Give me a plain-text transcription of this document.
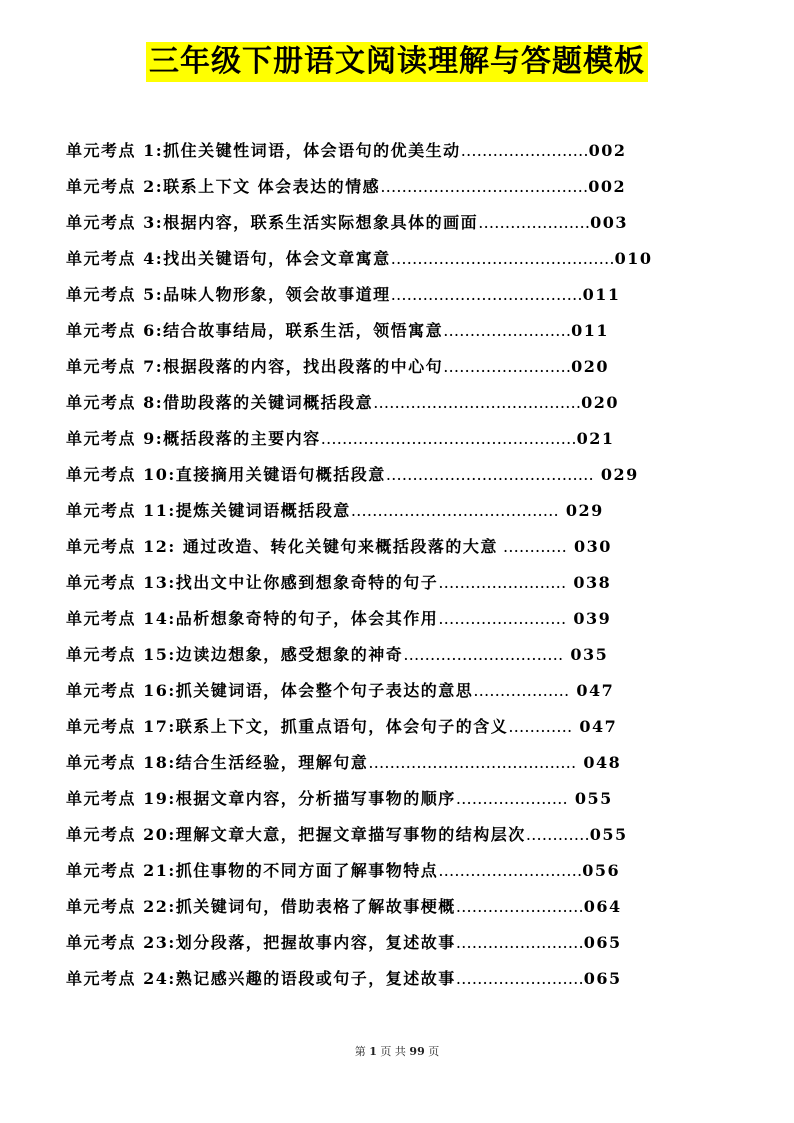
三年级下册语文阅读理解与答题模板
单元考点 1:抓住关键性词语，体会语句的优美生动……………………002
单元考点 2:联系上下文 体会表达的情感…………………………………002
单元考点 3:根据内容，联系生活实际想象具体的画面…………………003
单元考点 4:找出关键语句，体会文章寓意……………………………………010
单元考点 5:品味人物形象，领会故事道理………………………………011
单元考点 6:结合故事结局，联系生活，领悟寓意……………………011
单元考点 7:根据段落的内容，找出段落的中心句……………………020
单元考点 8:借助段落的关键词概括段意…………………………………020
单元考点 9:概括段落的主要内容…………………………………………021
单元考点 10:直接摘用关键语句概括段意………………………………… 029
单元考点 11:提炼关键词语概括段意………………………………… 029
单元考点 12: 通过改造、转化关键句来概括段落的大意 ………… 030
单元考点 13:找出文中让你感到想象奇特的句子…………………… 038
单元考点 14:品析想象奇特的句子，体会其作用…………………… 039
单元考点 15:边读边想象，感受想象的神奇………………………… 035
单元考点 16:抓关键词语，体会整个句子表达的意思……………… 047
单元考点 17:联系上下文，抓重点语句，体会句子的含义………… 047
单元考点 18:结合生活经验，理解句意………………………………… 048
单元考点 19:根据文章内容，分析描写事物的顺序………………… 055
单元考点 20:理解文章大意，把握文章描写事物的结构层次…………055
单元考点 21:抓住事物的不同方面了解事物特点………………………056
单元考点 22:抓关键词句，借助表格了解故事梗概……………………064
单元考点 23:划分段落，把握故事内容，复述故事……………………065
单元考点 24:熟记感兴趣的语段或句子，复述故事……………………065
第 1 页 共 99 页
